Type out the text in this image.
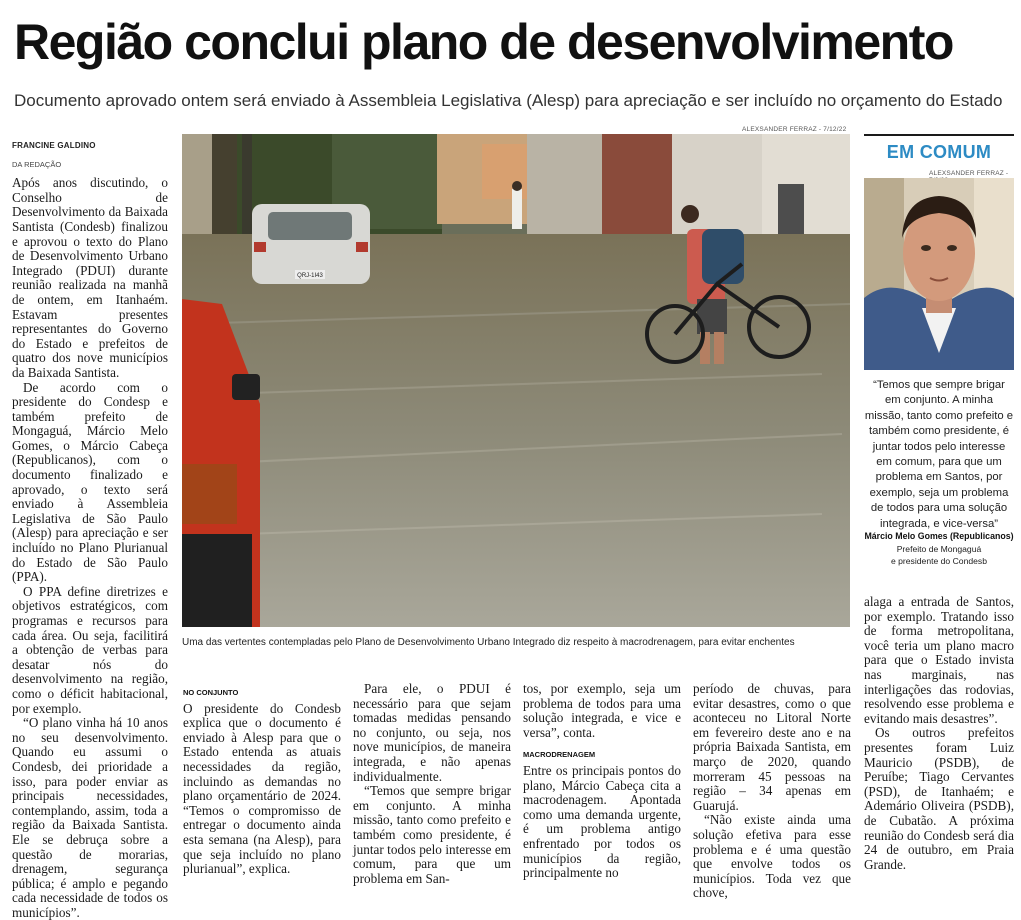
Região conclui plano de desenvolvimento

Documento aprovado ontem será enviado à Assembleia Legislativa (Alesp) para apreciação e ser incluído no orçamento do Estado

FRANCINE GALDINO
DA REDAÇÃO

Após anos discutindo, o Conselho de Desenvolvimento da Baixada Santista (Condesb) finalizou e aprovou o texto do Plano de Desenvolvimento Urbano Integrado (PDUI) durante reunião realizada na manhã de ontem, em Itanhaém. Estavam presentes representantes do Governo do Estado e prefeitos de quatro dos nove municípios da Baixada Santista.

De acordo com o presidente do Condesp e também prefeito de Mongaguá, Márcio Melo Gomes, o Márcio Cabeça (Republicanos), com o documento finalizado e aprovado, o texto será enviado à Assembleia Legislativa de São Paulo (Alesp) para apreciação e ser incluído no Plano Plurianual do Estado de São Paulo (PPA).

O PPA define diretrizes e objetivos estratégicos, com programas e recursos para cada área. Ou seja, facilitirá a obtenção de verbas para desatar nós do desenvolvimento na região, como o déficit habitacional, por exemplo.

“O plano vinha há 10 anos no seu desenvolvimento. Quando eu assumi o Condesb, dei prioridade a isso, para poder enviar as principais necessidades, contemplando, assim, toda a região da Baixada Santista. Ele se debruça sobre a questão de morarias, drenagem, segurança pública; é amplo e pegando cada necessidade de todos os municípios”.

ALEXSANDER FERRAZ - 7/12/22
QRJ-1I43
Uma das vertentes contempladas pelo Plano de Desenvolvimento Urbano Integrado diz respeito à macrodrenagem, para evitar enchentes
EM COMUM
ALEXSANDER FERRAZ -
“Temos que sempre brigar em conjunto. A minha missão, tanto como prefeito e também como presidente, é juntar todos pelo interesse em comum, para que um problema em Santos, por exemplo, seja um problema de todos para uma solução integrada, e vice-versa”
Márcio Melo Gomes (Republicanos)
Prefeito de Mongaguá
e presidente do Condesb
NO CONJUNTO

O presidente do Condesb explica que o documento é enviado à Alesp para que o Estado entenda as atuais necessidades da região, incluindo as demandas no plano orçamentário de 2024. “Temos o compromisso de entregar o documento ainda esta semana (na Alesp), para que seja incluído no plano plurianual”, explica.

Para ele, o PDUI é necessário para que sejam tomadas medidas pensando no conjunto, ou seja, nos nove municípios, de maneira integrada, e não apenas individualmente.

“Temos que sempre brigar em conjunto. A minha missão, tanto como prefeito e também como presidente, é juntar todos pelo interesse em comum, para que um problema em San-

tos, por exemplo, seja um problema de todos para uma solução integrada, e vice e versa”, conta.

MACRODRENAGEM

Entre os principais pontos do plano, Márcio Cabeça cita a macrodenagem. Apontada como uma demanda urgente, é um problema antigo enfrentado por todos os municípios da região, principalmente no

período de chuvas, para evitar desastres, como o que aconteceu no Litoral Norte em fevereiro deste ano e na própria Baixada Santista, em março de 2020, quando morreram 45 pessoas na região – 34 apenas em Guarujá.

“Não existe ainda uma solução efetiva para esse problema e é uma questão que envolve todos os municípios. Toda vez que chove,

alaga a entrada de Santos, por exemplo. Tratando isso de forma metropolitana, você teria um plano macro para que o Estado invista nas marginais, nas interligações das rodovias, resolvendo esse problema e evitando mais desastres”.

Os outros prefeitos presentes foram Luiz Mauricio (PSDB), de Peruíbe; Tiago Cervantes (PSD), de Itanhaém; e Ademário Oliveira (PSDB), de Cubatão. A próxima reunião do Condesb será dia 24 de outubro, em Praia Grande.
